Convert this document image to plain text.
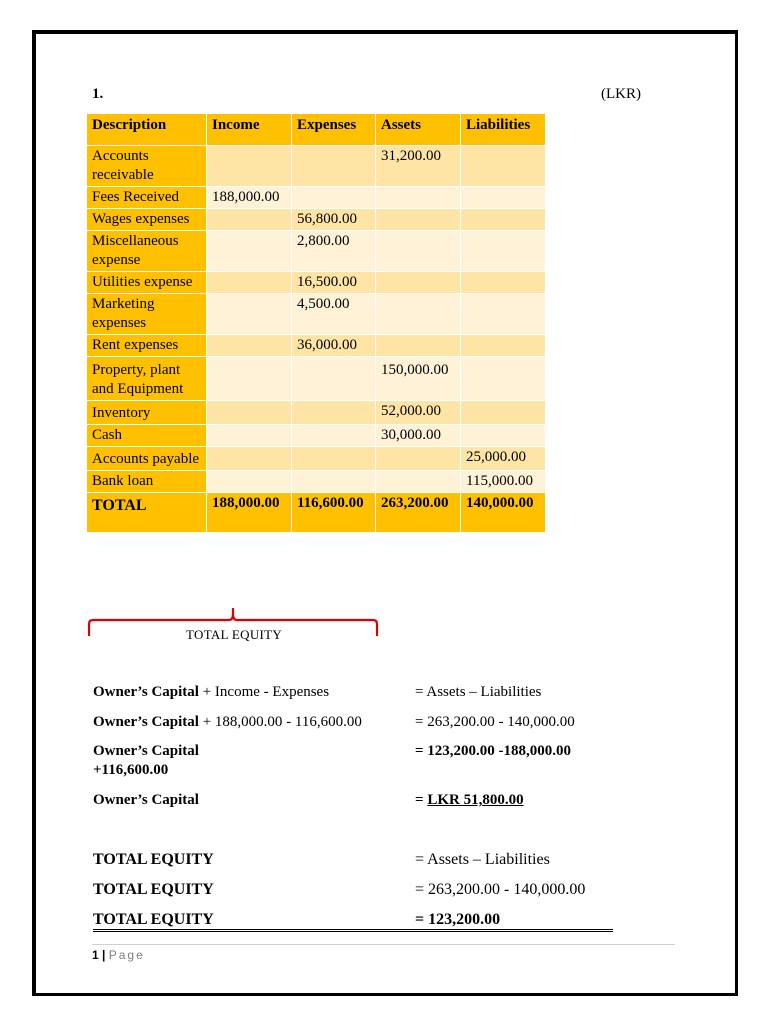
1.	(LKR)
Description	Income	Expenses	Assets	Liabilities
Accounts receivable			31,200.00	
Fees Received	188,000.00			
Wages expenses		56,800.00		
Miscellaneous expense		2,800.00		
Utilities expense		16,500.00		
Marketing expenses		4,500.00		
Rent expenses		36,000.00		
Property, plant and Equipment			150,000.00	
Inventory			52,000.00	
Cash			30,000.00	
Accounts payable				25,000.00
Bank loan				115,000.00
TOTAL	188,000.00	116,600.00	263,200.00	140,000.00
TOTAL EQUITY
Owner’s Capital + Income - Expenses	= Assets – Liabilities
Owner’s Capital + 188,000.00 - 116,600.00	= 263,200.00 - 140,000.00
Owner’s Capital
+116,600.00
= 123,200.00 -188,000.00
Owner’s Capital	= LKR 51,800.00
TOTAL EQUITY	= Assets – Liabilities
TOTAL EQUITY	= 263,200.00 - 140,000.00
TOTAL EQUITY	= 123,200.00
1 | Page
